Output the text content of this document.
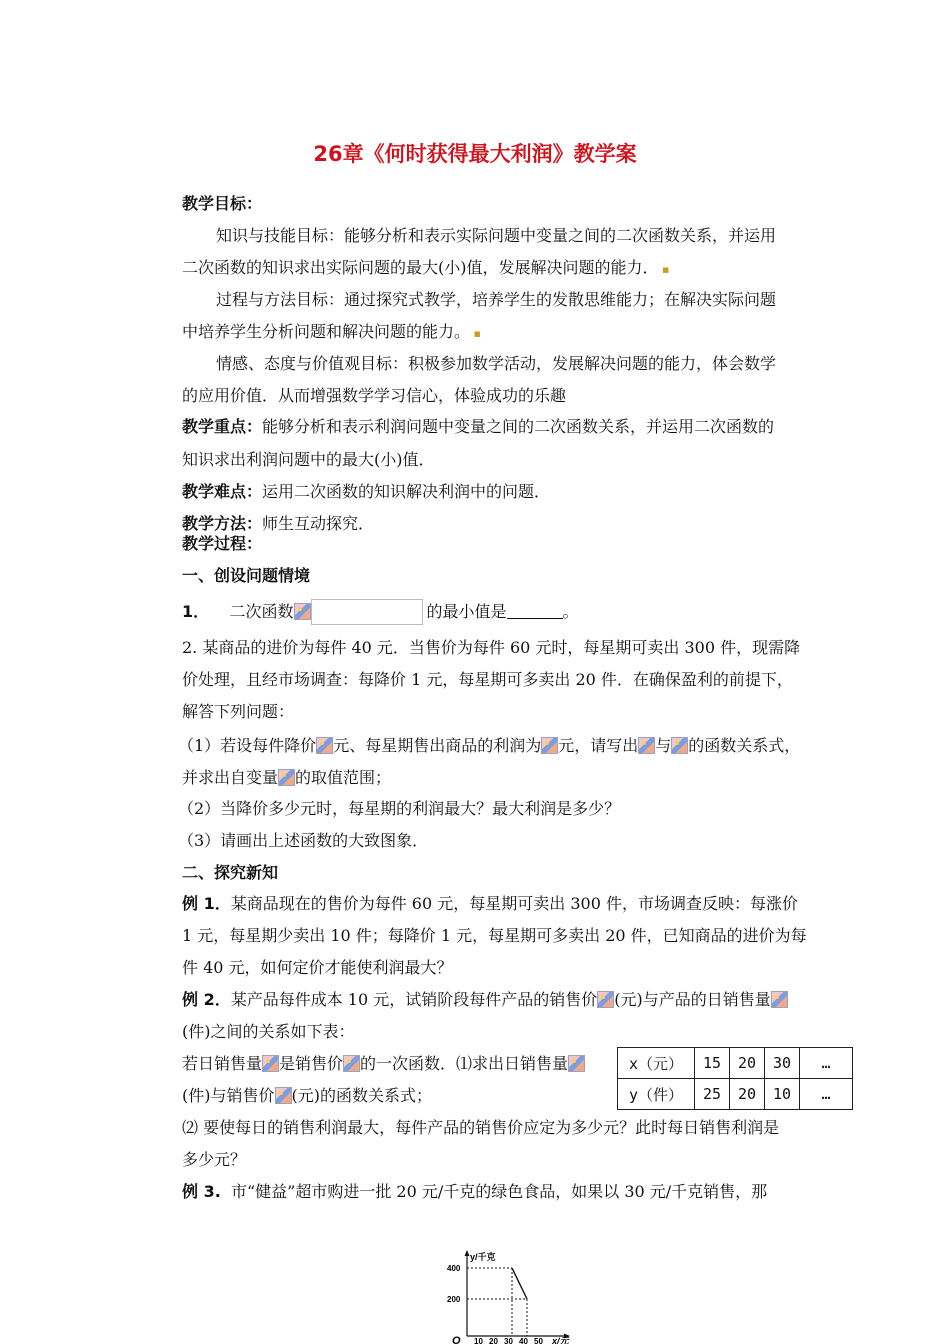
26章《何时获得最大利润》教学案
教学目标：
知识与技能目标：能够分析和表示实际问题中变量之间的二次函数关系，并运用
二次函数的知识求出实际问题的最大(小)值，发展解决问题的能力． ▪
过程与方法目标：通过探究式教学，培养学生的发散思维能力；在解决实际问题
中培养学生分析问题和解决问题的能力。 ▪
情感、态度与价值观目标：积极参加数学活动，发展解决问题的能力，体会数学
的应用价值．从而增强数学学习信心，体验成功的乐趣
教学重点：能够分析和表示利润问题中变量之间的二次函数关系，并运用二次函数的
知识求出利润问题中的最大(小)值．
教学难点：运用二次函数的知识解决利润中的问题．
教学方法：师生互动探究．
教学过程：
一、创设问题情境
1． 二次函数	的最小值是	。
2. 某商品的进价为每件 40 元．当售价为每件 60 元时，每星期可卖出 300 件，现需降
价处理，且经市场调查：每降价 1 元，每星期可多卖出 20 件．在确保盈利的前提下，
解答下列问题：
（1）若设每件降价 元、每星期售出商品的利润为 元，请写出 与 的函数关系式，
并求出自变量 的取值范围；
（2）当降价多少元时，每星期的利润最大？最大利润是多少？
（3）请画出上述函数的大致图象．
二、探究新知
例 1．某商品现在的售价为每件 60 元，每星期可卖出 300 件，市场调查反映：每涨价
1 元，每星期少卖出 10 件；每降价 1 元，每星期可多卖出 20 件，已知商品的进价为每
件 40 元，如何定价才能使利润最大？
例 2．某产品每件成本 10 元，试销阶段每件产品的销售价 (元)与产品的日销售量
(件)之间的关系如下表：
若日销售量 是销售价 的一次函数．⑴求出日销售量
(件)与销售价 (元)的函数关系式；
⑵ 要使每日的销售利润最大，每件产品的销售价应定为多少元？此时每日销售利润是
多少元？
例 3. 市“健益”超市购进一批 20 元/千克的绿色食品，如果以 30 元/千克销售，那
x（元）	15	20	30	…
y（件）	25	20	10	…
y/千克
x/元
O
400
200
10 20 30 40 50
